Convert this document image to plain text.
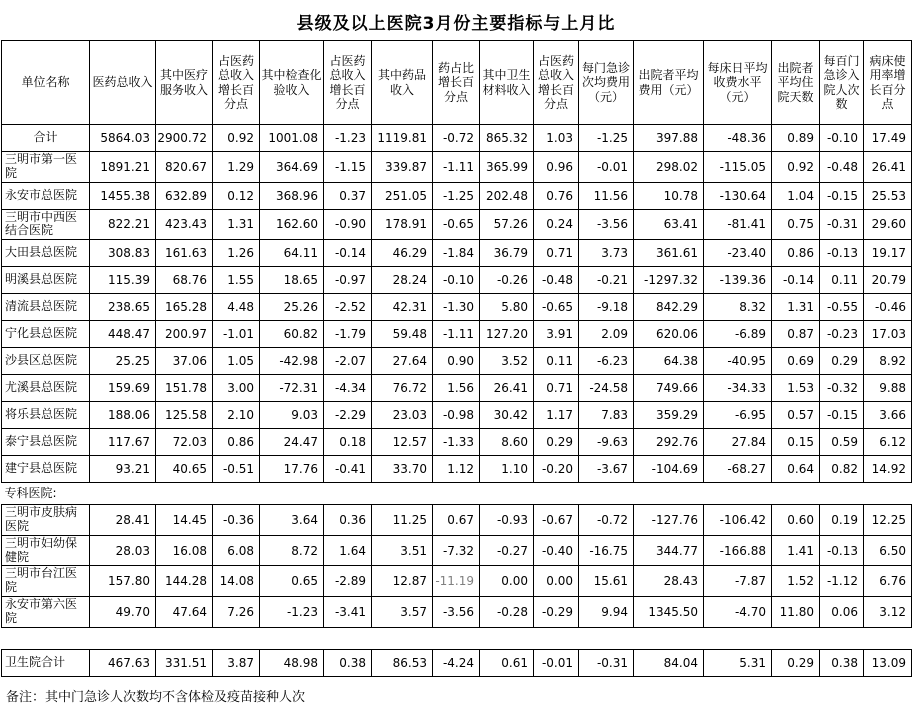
县级及以上医院3月份主要指标与上月比
单位名称	医药总收入	其中医疗服务收入	占医药总收入增长百分点	其中检查化验收入	占医药总收入增长百分点	其中药品收入	药占比增长百分点	其中卫生材料收入	占医药总收入增长百分点	每门急诊次均费用（元）	出院者平均费用（元）	每床日平均收费水平（元）	出院者平均住院天数	每百门急诊入院人次数	病床使用率增长百分点
合计	5864.03	2900.72	0.92	1001.08	-1.23	1119.81	-0.72	865.32	1.03	-1.25	397.88	-48.36	0.89	-0.10	17.49
三明市第一医院	1891.21	820.67	1.29	364.69	-1.15	339.87	-1.11	365.99	0.96	-0.01	298.02	-115.05	0.92	-0.48	26.41
永安市总医院	1455.38	632.89	0.12	368.96	0.37	251.05	-1.25	202.48	0.76	11.56	10.78	-130.64	1.04	-0.15	25.53
三明市中西医结合医院	822.21	423.43	1.31	162.60	-0.90	178.91	-0.65	57.26	0.24	-3.56	63.41	-81.41	0.75	-0.31	29.60
大田县总医院	308.83	161.63	1.26	64.11	-0.14	46.29	-1.84	36.79	0.71	3.73	361.61	-23.40	0.86	-0.13	19.17
明溪县总医院	115.39	68.76	1.55	18.65	-0.97	28.24	-0.10	-0.26	-0.48	-0.21	-1297.32	-139.36	-0.14	0.11	20.79
清流县总医院	238.65	165.28	4.48	25.26	-2.52	42.31	-1.30	5.80	-0.65	-9.18	842.29	8.32	1.31	-0.55	-0.46
宁化县总医院	448.47	200.97	-1.01	60.82	-1.79	59.48	-1.11	127.20	3.91	2.09	620.06	-6.89	0.87	-0.23	17.03
沙县区总医院	25.25	37.06	1.05	-42.98	-2.07	27.64	0.90	3.52	0.11	-6.23	64.38	-40.95	0.69	0.29	8.92
尤溪县总医院	159.69	151.78	3.00	-72.31	-4.34	76.72	1.56	26.41	0.71	-24.58	749.66	-34.33	1.53	-0.32	9.88
将乐县总医院	188.06	125.58	2.10	9.03	-2.29	23.03	-0.98	30.42	1.17	7.83	359.29	-6.95	0.57	-0.15	3.66
泰宁县总医院	117.67	72.03	0.86	24.47	0.18	12.57	-1.33	8.60	0.29	-9.63	292.76	27.84	0.15	0.59	6.12
建宁县总医院	93.21	40.65	-0.51	17.76	-0.41	33.70	1.12	1.10	-0.20	-3.67	-104.69	-68.27	0.64	0.82	14.92
专科医院:															
三明市皮肤病医院	28.41	14.45	-0.36	3.64	0.36	11.25	0.67	-0.93	-0.67	-0.72	-127.76	-106.42	0.60	0.19	12.25
三明市妇幼保健院	28.03	16.08	6.08	8.72	1.64	3.51	-7.32	-0.27	-0.40	-16.75	344.77	-166.88	1.41	-0.13	6.50
三明市台江医院	157.80	144.28	14.08	0.65	-2.89	12.87	-11.19	0.00	0.00	15.61	28.43	-7.87	1.52	-1.12	6.76
永安市第六医院	49.70	47.64	7.26	-1.23	-3.41	3.57	-3.56	-0.28	-0.29	9.94	1345.50	-4.70	11.80	0.06	3.12

卫生院合计	467.63	331.51	3.87	48.98	0.38	86.53	-4.24	0.61	-0.01	-0.31	84.04	5.31	0.29	0.38	13.09
备注：其中门急诊人次数均不含体检及疫苗接种人次
